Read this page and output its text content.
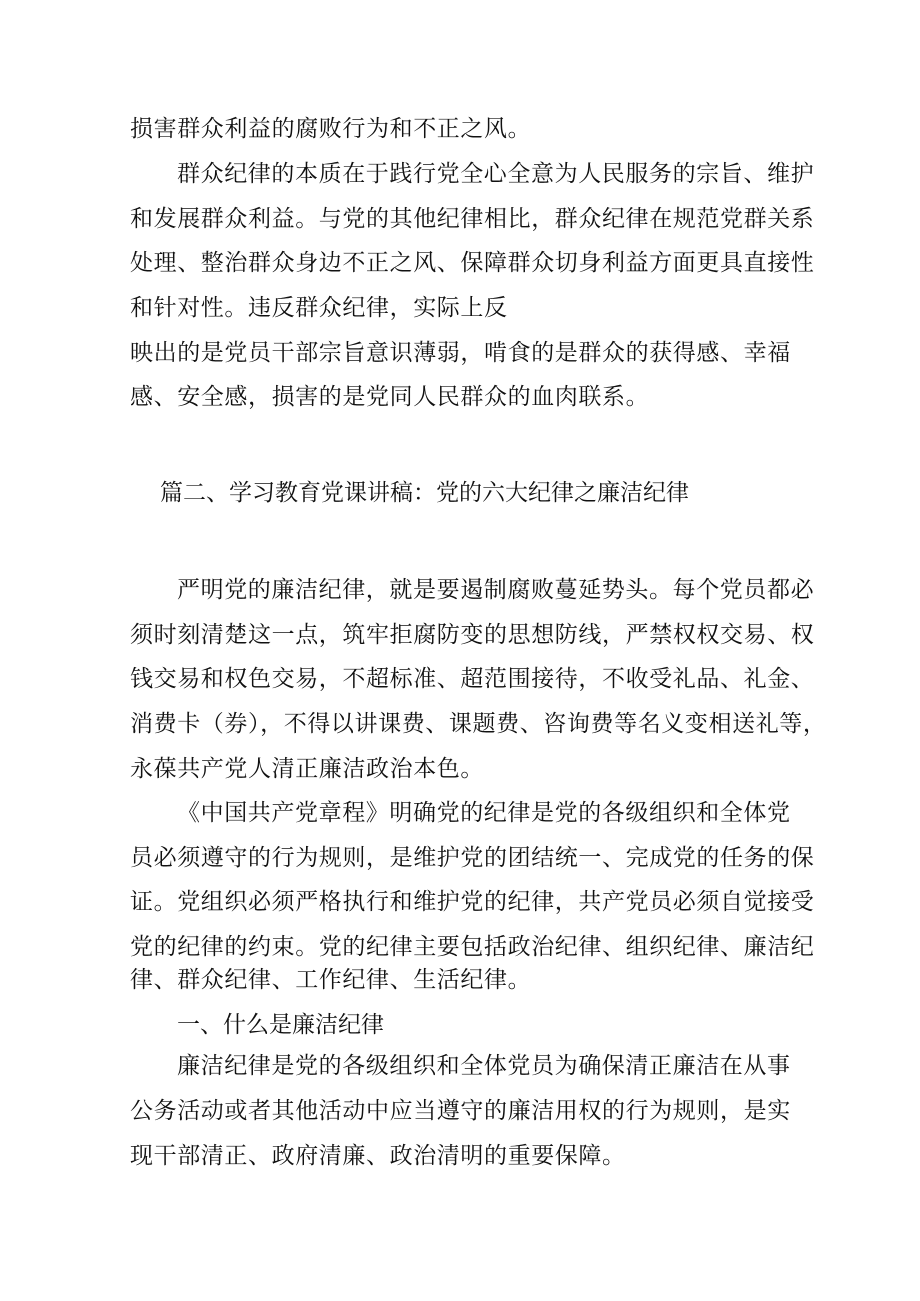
损害群众利益的腐败行为和不正之风。
群众纪律的本质在于践行党全心全意为人民服务的宗旨、维护
和发展群众利益。与党的其他纪律相比，群众纪律在规范党群关系
处理、整治群众身边不正之风、保障群众切身利益方面更具直接性
和针对性。违反群众纪律，实际上反
映出的是党员干部宗旨意识薄弱，啃食的是群众的获得感、幸福
感、安全感，损害的是党同人民群众的血肉联系。
篇二、学习教育党课讲稿：党的六大纪律之廉洁纪律
严明党的廉洁纪律，就是要遏制腐败蔓延势头。每个党员都必
须时刻清楚这一点，筑牢拒腐防变的思想防线，严禁权权交易、权
钱交易和权色交易，不超标准、超范围接待，不收受礼品、礼金、
消费卡（券），不得以讲课费、课题费、咨询费等名义变相送礼等，
永葆共产党人清正廉洁政治本色。
《中国共产党章程》明确党的纪律是党的各级组织和全体党
员必须遵守的行为规则，是维护党的团结统一、完成党的任务的保
证。党组织必须严格执行和维护党的纪律，共产党员必须自觉接受
党的纪律的约束。党的纪律主要包括政治纪律、组织纪律、廉洁纪
律、群众纪律、工作纪律、生活纪律。
一、什么是廉洁纪律
廉洁纪律是党的各级组织和全体党员为确保清正廉洁在从事
公务活动或者其他活动中应当遵守的廉洁用权的行为规则，是实
现干部清正、政府清廉、政治清明的重要保障。
